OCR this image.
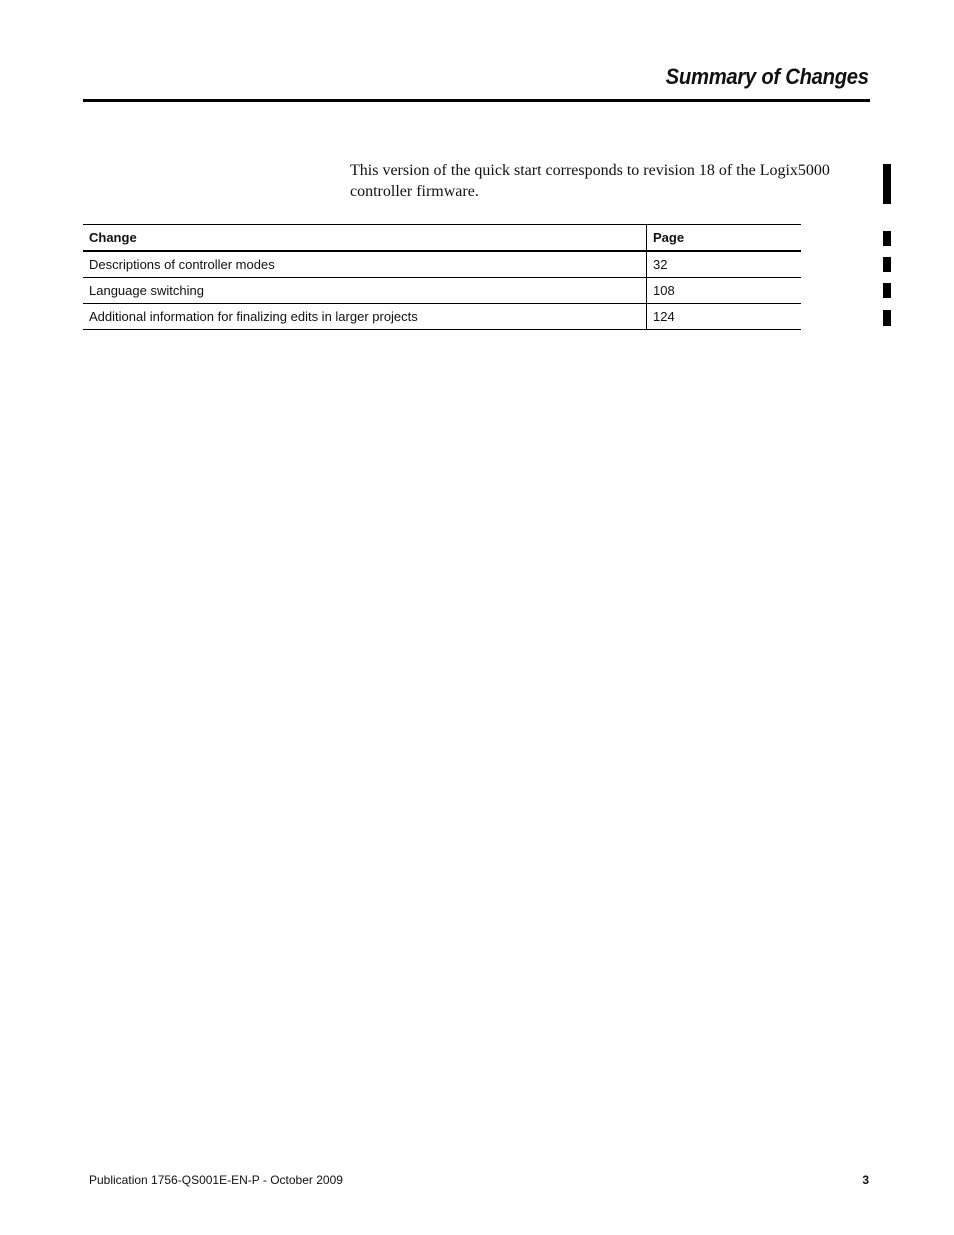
Summary of Changes

This version of the quick start corresponds to revision 18 of the Logix5000 controller firmware.

Change	Page
Descriptions of controller modes	32
Language switching	108
Additional information for finalizing edits in larger projects	124

Publication 1756-QS001E-EN-P - October 2009	3
